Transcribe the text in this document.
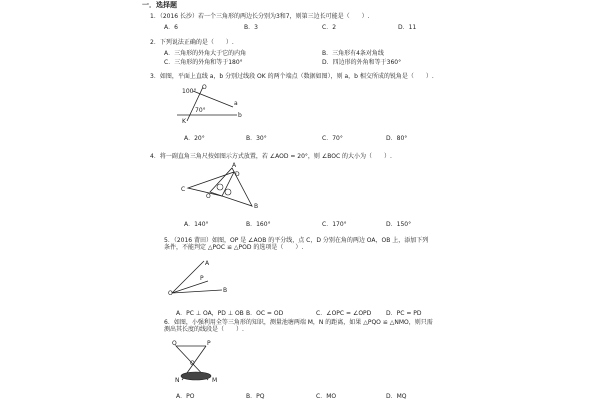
一．选择题
1．（2016 长沙）若一个三角形的两边长分别为3和7，则第三边长可能是（　　）.
A．6	B．3	C．2	D．11
2．下列说法正确的是（　　）.
A．三角形的外角大于它的内角	B．三角形有4条对角线
C．三角形的外角和等于180°	D．四边形的外角和等于360°
3．如图，平面上直线 a，b 分别过线段 OK 的两个端点（数据如图），则 a，b 相交所成的锐角是（　　）.
100°
O
70°
K
a
b
A．20°	B．30°	C．70°	D．80°
4．将一副直角三角尺按如图示方式放置，若 ∠AOD = 20°，则 ∠BOC 的大小为（　　）.
C
A
D
O
B
A．140°	B．160°	C．170°	D．150°
5．（2016 莆田）如图，OP 是 ∠AOB 的平分线，点 C，D 分别在角的两边 OA，OB 上，添加下列条件，不能判定 △POC ≌ △POD 的选项是（　　）.
A
P
O	B
A．PC ⊥ OA，PD ⊥ OB B．OC = OD	C．∠OPC = ∠OPD D．PC = PD
6．如图，小强利用全等三角形的知识，测量池塘两端 M，N 的距离，如果 △PQO ≌ △NMO，则只需测出其长度的线段是（　　）.
Q	P
O
N	M
A．PO	B．PQ	C．MO	D．MQ
